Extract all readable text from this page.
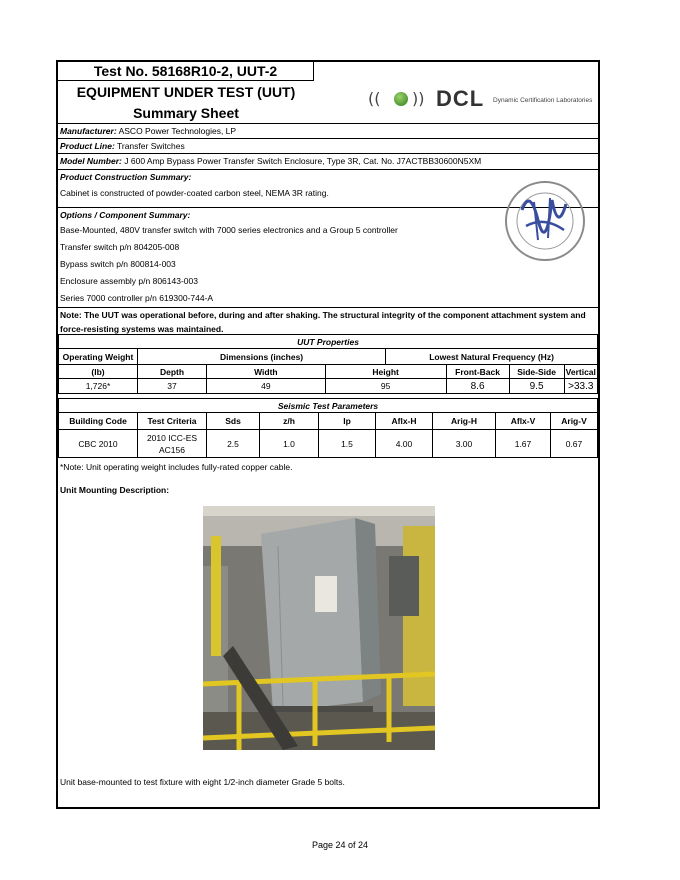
Test No. 58168R10-2, UUT-2
EQUIPMENT UNDER TEST (UUT)
Summary Sheet
(( )) DCL Dynamic Certification Laboratories
Manufacturer: ASCO Power Technologies, LP
Product Line: Transfer Switches
Model Number: J 600 Amp Bypass Power Transfer Switch Enclosure, Type 3R, Cat. No. J7ACTBB30600N5XM
Product Construction Summary:
Cabinet is constructed of powder-coated carbon steel, NEMA 3R rating.
Options / Component Summary:
Base-Mounted, 480V transfer switch with 7000 series electronics and a Group 5 controller
Transfer switch p/n 804205-008
Bypass switch p/n 800814-003
Enclosure assembly p/n 806143-003
Series 7000 controller p/n 619300-744-A
Note: The UUT was operational before, during and after shaking. The structural integrity of the component attachment system and force-resisting systems was maintained.
UUT Properties							
Operating Weight	Dimensions (inches)			Lowest Natural Frequency (Hz)			
(lb)	Depth	Width	Height		Front-Back	Side-Side	Vertical
1,726*	37	49	95		8.6	9.5	>33.3
Seismic Test Parameters								
Building Code	Test Criteria	Sds	z/h	Ip	Aflx-H	Arig-H	Aflx-V	Arig-V
CBC 2010	2010 ICC-ES AC156	2.5	1.0	1.5	4.00	3.00	1.67	0.67
*Note: Unit operating weight includes fully-rated copper cable.
Unit Mounting Description:
Unit base-mounted to test fixture with eight 1/2-inch diameter Grade 5 bolts.
Page 24 of 24
